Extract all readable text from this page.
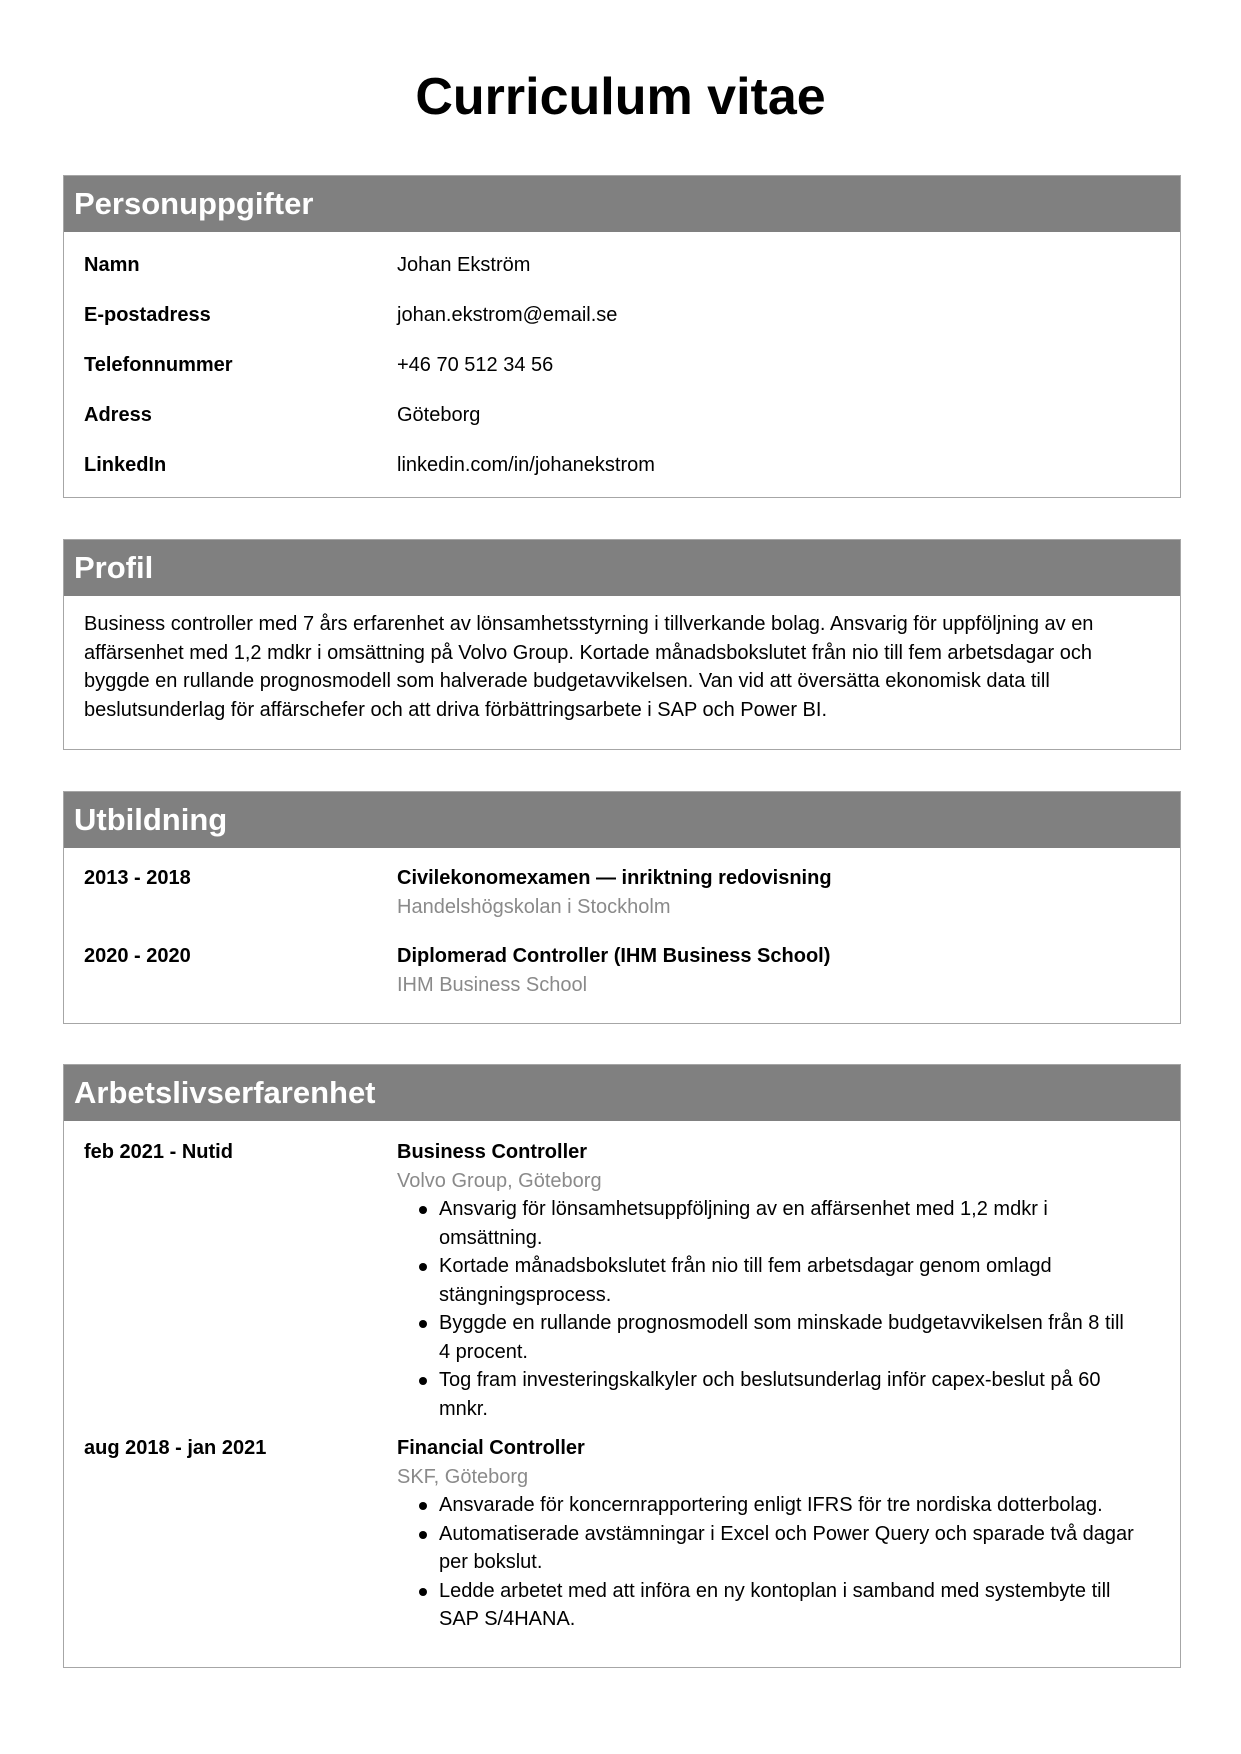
Curriculum vitae
Personuppgifter
Namn	Johan Ekström
E-postadress	johan.ekstrom@email.se
Telefonnummer	+46 70 512 34 56
Adress	Göteborg
LinkedIn	linkedin.com/in/johanekstrom
Profil

Business controller med 7 års erfarenhet av lönsamhetsstyrning i tillverkande bolag. Ansvarig för uppföljning av en affärsenhet med 1,2 mdkr i omsättning på Volvo Group. Kortade månadsbokslutet från nio till fem arbetsdagar och byggde en rullande prognosmodell som halverade budgetavvikelsen. Van vid att översätta ekonomisk data till beslutsunderlag för affärschefer och att driva förbättringsarbete i SAP och Power BI.

Utbildning
2013 - 2018	Civilekonomexamen — inriktning redovisning
Handelshögskolan i Stockholm
2020 - 2020	Diplomerad Controller (IHM Business School)
IHM Business School
Arbetslivserfarenhet
feb 2021 - Nutid	Business Controller
Volvo Group, Göteborg
Ansvarig för lönsamhetsuppföljning av en affärsenhet med 1,2 mdkr i omsättning.
Kortade månadsbokslutet från nio till fem arbetsdagar genom omlagd stängningsprocess.
Byggde en rullande prognosmodell som minskade budgetavvikelsen från 8 till 4 procent.
Tog fram investeringskalkyler och beslutsunderlag inför capex-beslut på 60 mnkr.
aug 2018 - jan 2021	Financial Controller
SKF, Göteborg
Ansvarade för koncernrapportering enligt IFRS för tre nordiska dotterbolag.
Automatiserade avstämningar i Excel och Power Query och sparade två dagar per bokslut.
Ledde arbetet med att införa en ny kontoplan i samband med systembyte till SAP S/4HANA.
